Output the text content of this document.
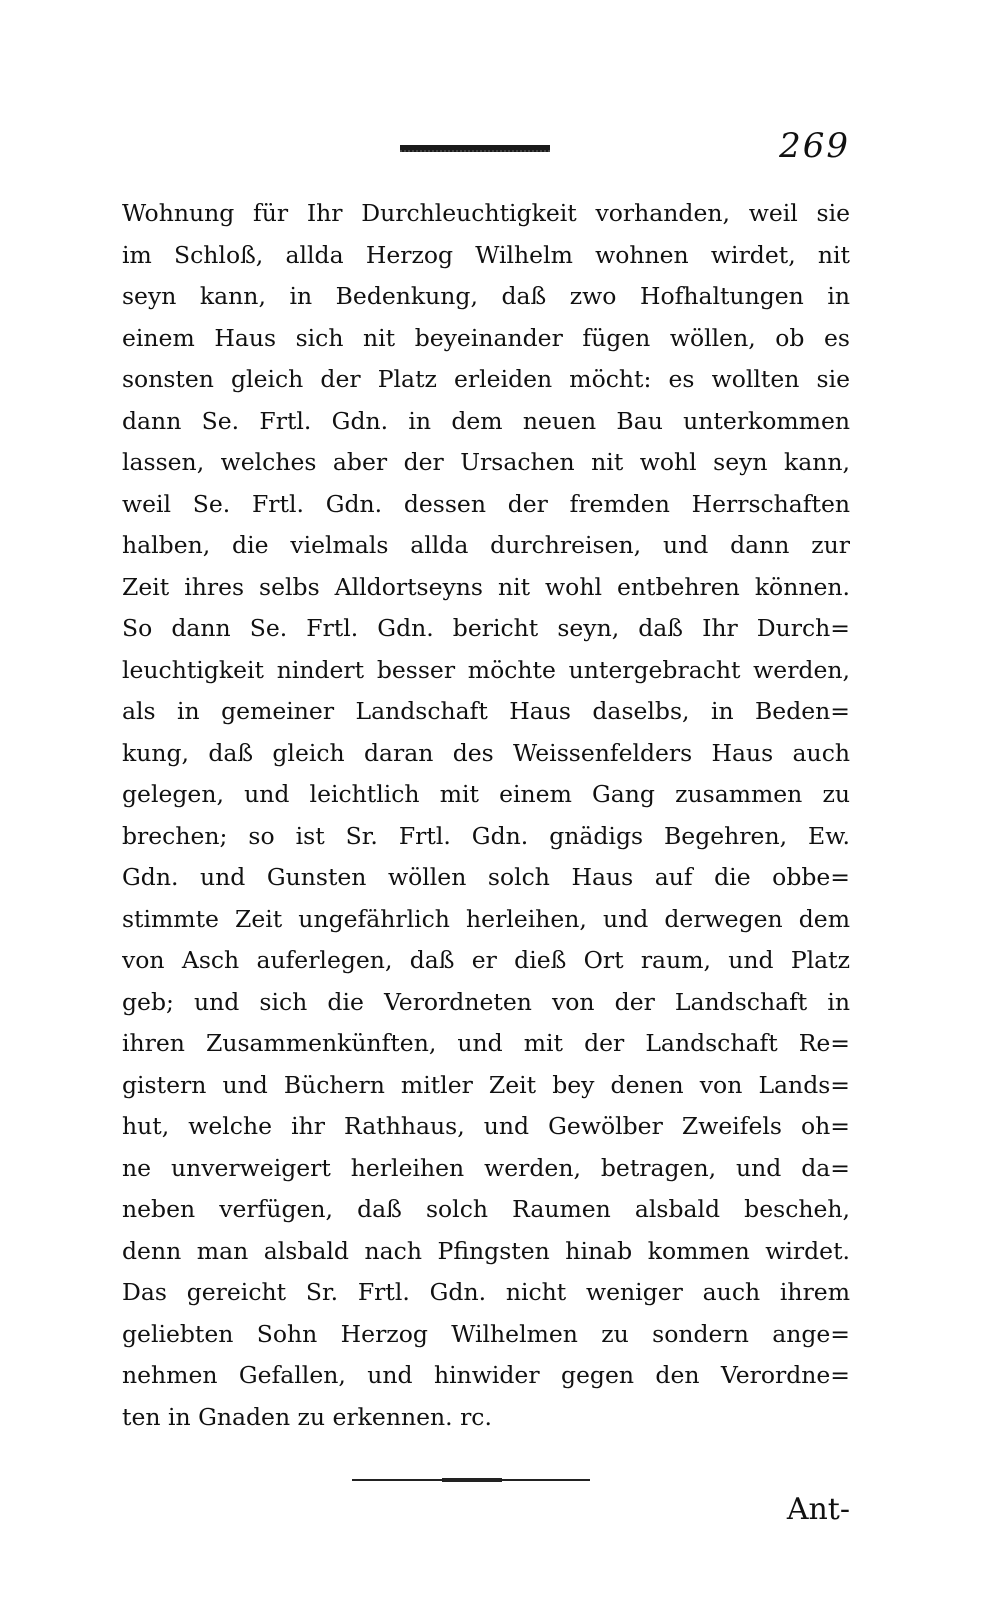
269
Wohnung für Ihr Durchleuchtigkeit vorhanden, weil sie
im Schloß, allda Herzog Wilhelm wohnen wirdet, nit
seyn kann, in Bedenkung, daß zwo Hofhaltungen in
einem Haus sich nit beyeinander fügen wöllen, ob es
sonsten gleich der Platz erleiden möcht: es wollten sie
dann Se. Frtl. Gdn. in dem neuen Bau unterkommen
lassen, welches aber der Ursachen nit wohl seyn kann,
weil Se. Frtl. Gdn. dessen der fremden Herrschaften
halben, die vielmals allda durchreisen, und dann zur
Zeit ihres selbs Alldortseyns nit wohl entbehren können.
So dann Se. Frtl. Gdn. bericht seyn, daß Ihr Durch=
leuchtigkeit nindert besser möchte untergebracht werden,
als in gemeiner Landschaft Haus daselbs, in Beden=
kung, daß gleich daran des Weissenfelders Haus auch
gelegen, und leichtlich mit einem Gang zusammen zu
brechen; so ist Sr. Frtl. Gdn. gnädigs Begehren, Ew.
Gdn. und Gunsten wöllen solch Haus auf die obbe=
stimmte Zeit ungefährlich herleihen, und derwegen dem
von Asch auferlegen, daß er dieß Ort raum, und Platz
geb; und sich die Verordneten von der Landschaft in
ihren Zusammenkünften, und mit der Landschaft Re=
gistern und Büchern mitler Zeit bey denen von Lands=
hut, welche ihr Rathhaus, und Gewölber Zweifels oh=
ne unverweigert herleihen werden, betragen, und da=
neben verfügen, daß solch Raumen alsbald bescheh,
denn man alsbald nach Pfingsten hinab kommen wirdet.
Das gereicht Sr. Frtl. Gdn. nicht weniger auch ihrem
geliebten Sohn Herzog Wilhelmen zu sondern ange=
nehmen Gefallen, und hinwider gegen den Verordne=
ten in Gnaden zu erkennen. rc.
Ant‑
